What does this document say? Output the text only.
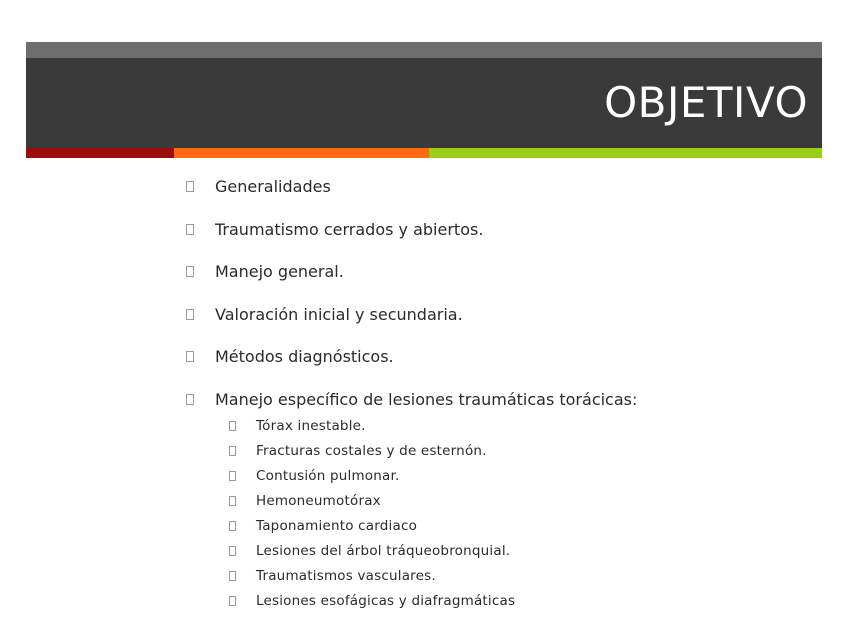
OBJETIVO
Generalidades
Traumatismo cerrados y abiertos.
Manejo general.
Valoración inicial y secundaria.
Métodos diagnósticos.
Manejo específico de lesiones traumáticas torácicas:
Tórax inestable.
Fracturas costales y de esternón.
Contusión pulmonar.
Hemoneumotórax
Taponamiento cardiaco
Lesiones del árbol tráqueobronquial.
Traumatismos vasculares.
Lesiones esofágicas y diafragmáticas
